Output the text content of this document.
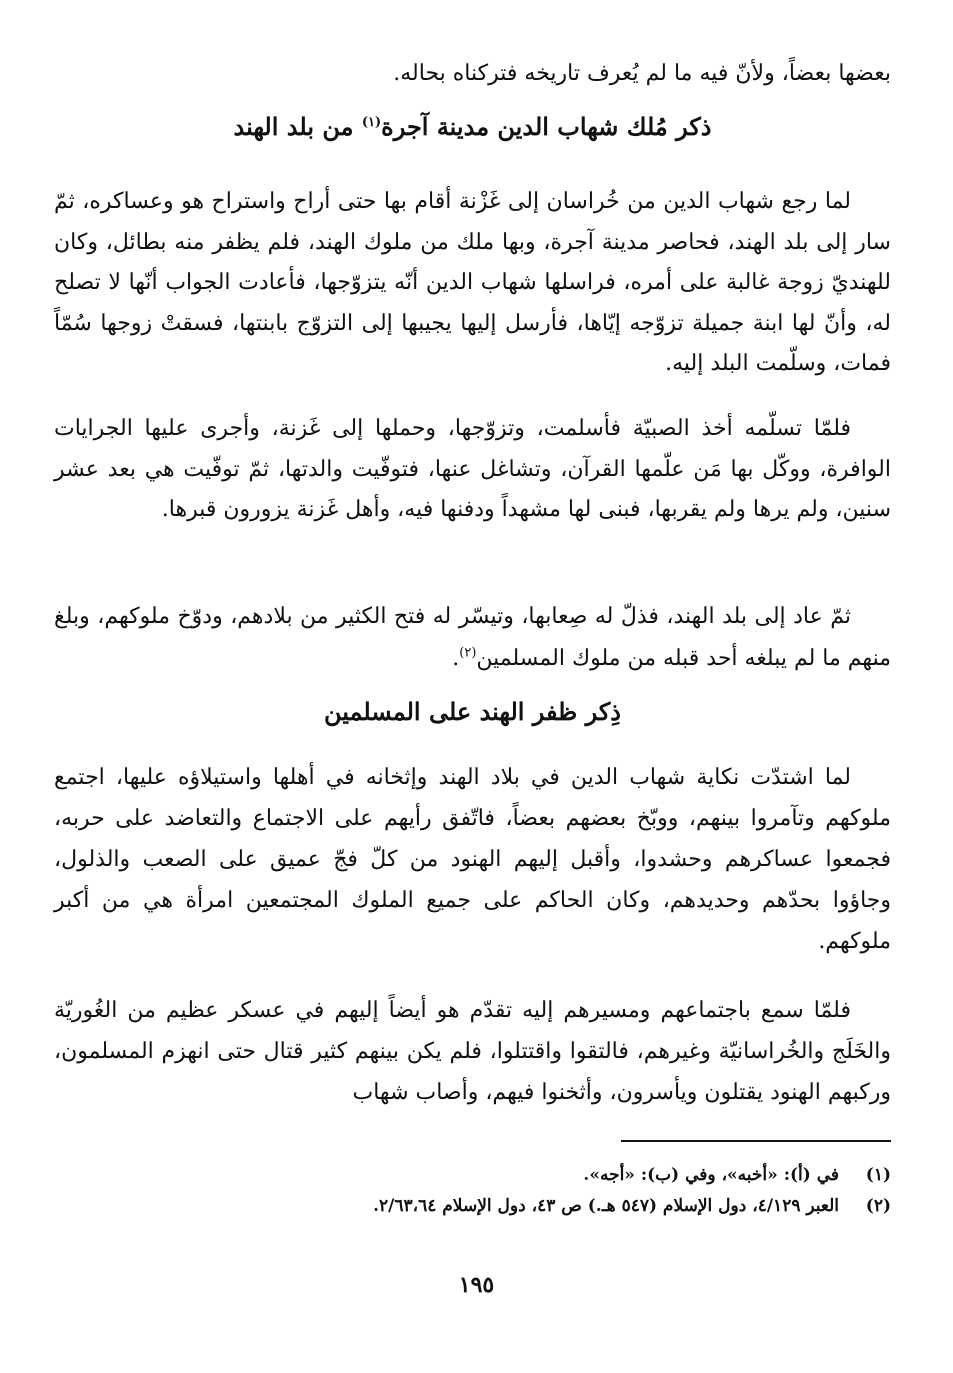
بعضها بعضاً، ولأنّ فيه ما لم يُعرف تاريخه فتركناه بحاله.

ذكر مُلك شهاب الدين مدينة آجرة$^{(١)}$ من بلد الهند

لما رجع شهاب الدين من خُراسان إلى غَزْنة أقام بها حتى أراح واستراح هو وعساكره، ثمّ سار إلى بلد الهند، فحاصر مدينة آجرة، وبها ملك من ملوك الهند، فلم يظفر منه بطائل، وكان للهنديّ زوجة غالبة على أمره، فراسلها شهاب الدين أنّه يتزوّجها، فأعادت الجواب أنّها لا تصلح له، وأنّ لها ابنة جميلة تزوّجه إيّاها، فأرسل إليها يجيبها إلى التزوّج بابنتها، فسقتْ زوجها سُمّاً فمات، وسلّمت البلد إليه.

فلمّا تسلّمه أخذ الصبيّة فأسلمت، وتزوّجها، وحملها إلى غَزنة، وأجرى عليها الجرايات الوافرة، ووكّل بها مَن علّمها القرآن، وتشاغل عنها، فتوفّيت والدتها، ثمّ توفّيت هي بعد عشر سنين، ولم يرها ولم يقربها، فبنى لها مشهداً ودفنها فيه، وأهل غَزنة يزورون قبرها.

ثمّ عاد إلى بلد الهند، فذلّ له صِعابها، وتيسّر له فتح الكثير من بلادهم، ودوّخ ملوكهم، وبلغ منهم ما لم يبلغه أحد قبله من ملوك المسلمين$^{(٢)}$.

ذِكر ظفر الهند على المسلمين

لما اشتدّت نكاية شهاب الدين في بلاد الهند وإثخانه في أهلها واستيلاؤه عليها، اجتمع ملوكهم وتآمروا بينهم، ووبّخ بعضهم بعضاً، فاتّفق رأيهم على الاجتماع والتعاضد على حربه، فجمعوا عساكرهم وحشدوا، وأقبل إليهم الهنود من كلّ فجّ عميق على الصعب والذلول، وجاؤوا بحدّهم وحديدهم، وكان الحاكم على جميع الملوك المجتمعين امرأة هي من أكبر ملوكهم.

فلمّا سمع باجتماعهم ومسيرهم إليه تقدّم هو أيضاً إليهم في عسكر عظيم من الغُوريّة والخَلَج والخُراسانيّة وغيرهم، فالتقوا واقتتلوا، فلم يكن بينهم كثير قتال حتى انهزم المسلمون، وركبهم الهنود يقتلون ويأسرون، وأثخنوا فيهم، وأصاب شهاب

(١)
في (أ): «أخبه»، وفي (ب): «أجه».
(٢)
العبر ٤/١٢٩، دول الإسلام (٥٤٧ هـ.) ص ٤٣، دول الإسلام ٢/٦٣،٦٤.
١٩٥
